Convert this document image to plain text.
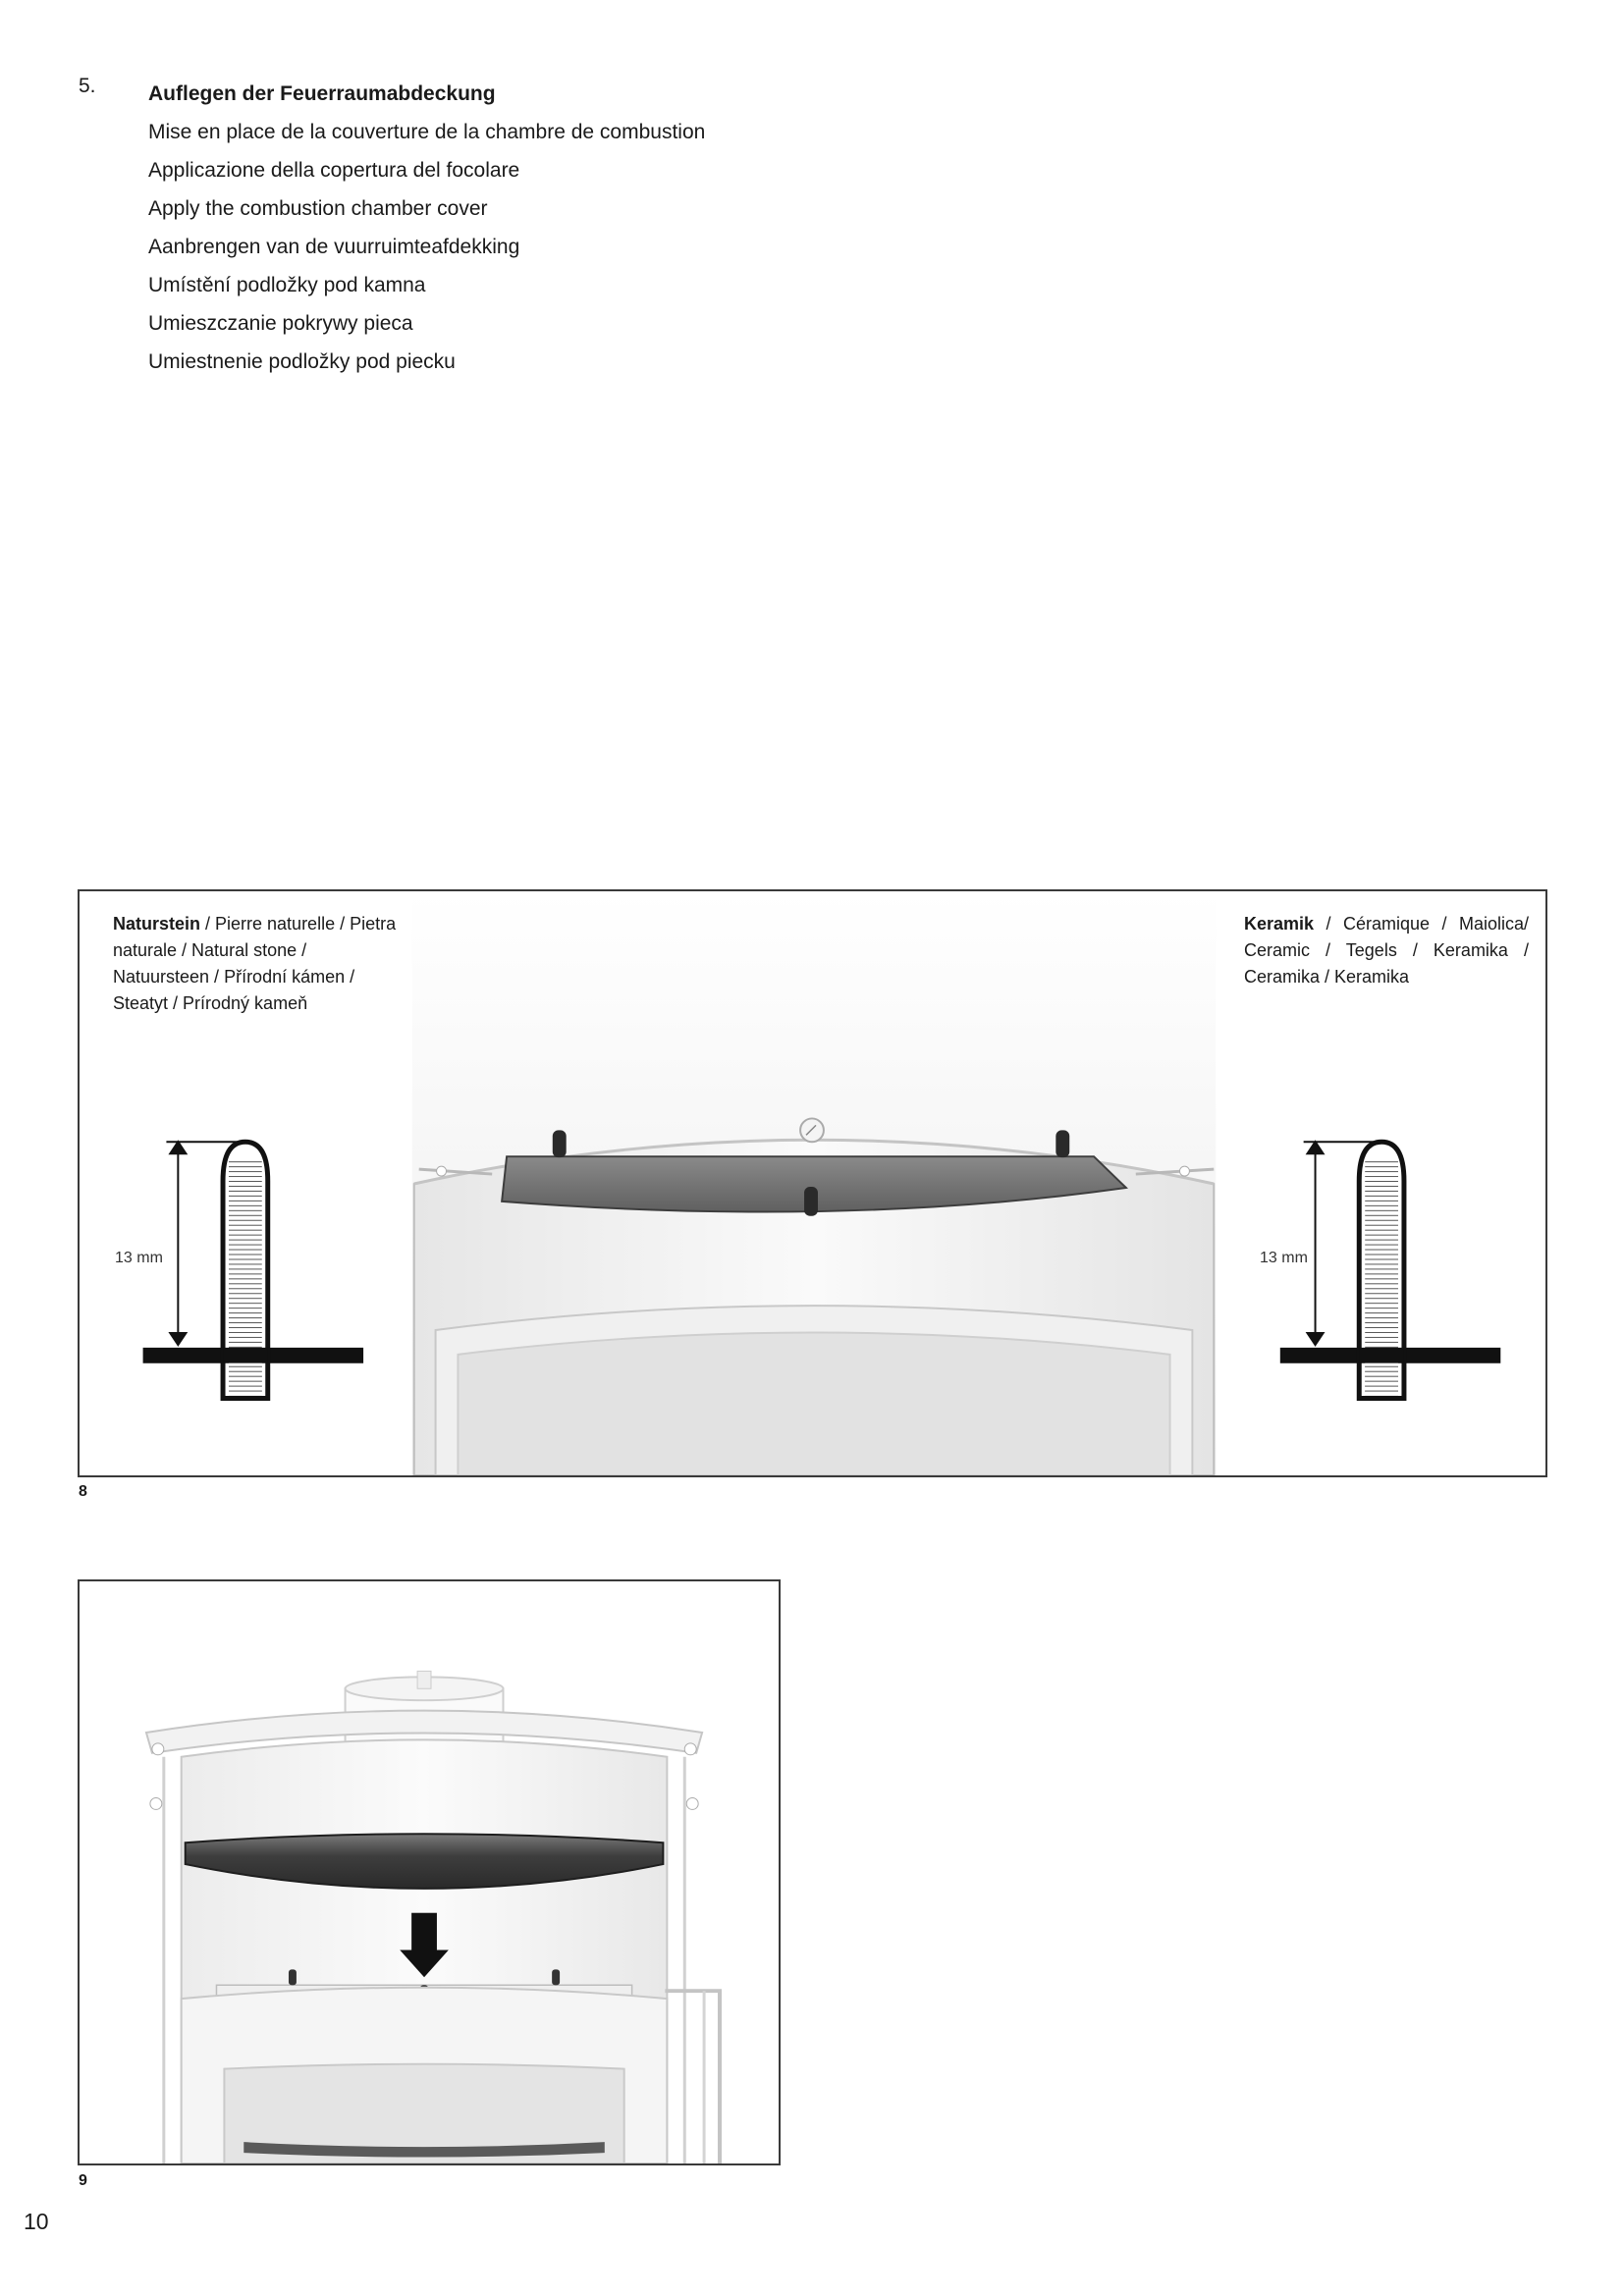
5.	Auflegen der Feuerraumabdeckung
Mise en place de la couverture de la chambre de combustion
Applicazione della copertura del focolare
Apply the combustion chamber cover
Aanbrengen van de vuurruimteafdekking
Umístění podložky pod kamna
Umieszczanie pokrywy pieca
Umiestnenie podložky pod piecku
Naturstein / Pierre naturelle / Pietra naturale / Natural stone / Natuursteen / Přírodní kámen / Steatyt / Prírodný kameň
Keramik / Céramique / Maiolica/ Ceramic / Tegels / Keramika / Ceramika / Keramika
13 mm	13 mm
8
9
10
